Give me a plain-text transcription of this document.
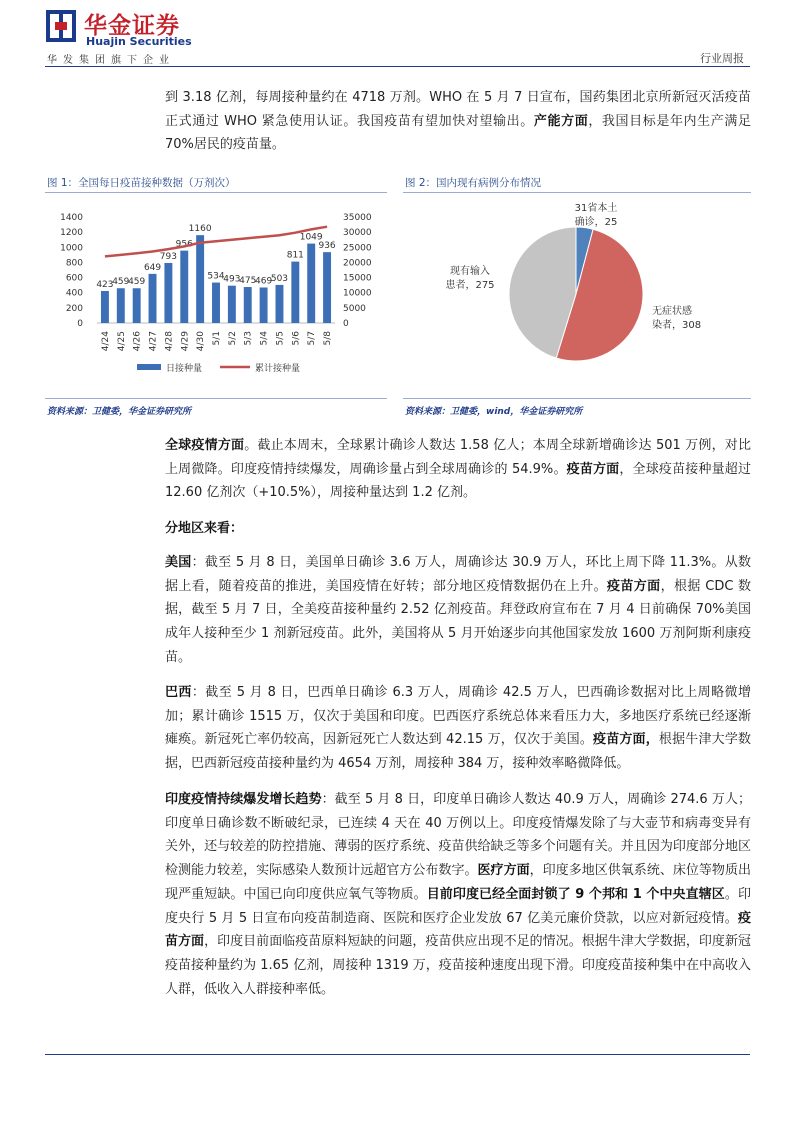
华金证券
Huajin Securities
华发集团旗下企业	行业周报
到 3.18 亿剂，每周接种量约在 4718 万剂。WHO 在 5 月 7 日宣布，国药集团北京所新冠灭活疫苗正式通过 WHO 紧急使用认证。我国疫苗有望加快对望输出。产能方面，我国目标是年内生产满足 70%居民的疫苗量。
图 1：全国每日疫苗接种数据（万剂次）
1400
1200
1000
800
600
400
200
0
35000
30000
25000
20000
15000
10000
5000
0
423
459
459
649
793
956
1160
534
493
475
469
503
811
1049
936
4/24 4/25 4/26 4/27 4/28 4/29 4/30 5/1 5/2 5/3 5/4 5/5 5/6 5/7 5/8
日接种量	累计接种量
资料来源：卫健委，华金证券研究所
图 2：国内现有病例分布情况
31省本土
确诊，25
无症状感
染者，308
现有输入
患者，275
资料来源：卫健委，wind，华金证券研究所
全球疫情方面。截止本周末，全球累计确诊人数达 1.58 亿人；本周全球新增确诊达 501 万例，对比上周微降。印度疫情持续爆发，周确诊量占到全球周确诊的 54.9%。疫苗方面，全球疫苗接种量超过 12.60 亿剂次（+10.5%），周接种量达到 1.2 亿剂。
分地区来看：
美国：截至 5 月 8 日，美国单日确诊 3.6 万人，周确诊达 30.9 万人，环比上周下降 11.3%。从数据上看，随着疫苗的推进，美国疫情在好转；部分地区疫情数据仍在上升。疫苗方面，根据 CDC 数据，截至 5 月 7 日，全美疫苗接种量约 2.52 亿剂疫苗。拜登政府宣布在 7 月 4 日前确保 70%美国成年人接种至少 1 剂新冠疫苗。此外，美国将从 5 月开始逐步向其他国家发放 1600 万剂阿斯利康疫苗。
巴西：截至 5 月 8 日，巴西单日确诊 6.3 万人，周确诊 42.5 万人，巴西确诊数据对比上周略微增加；累计确诊 1515 万，仅次于美国和印度。巴西医疗系统总体来看压力大，多地医疗系统已经逐渐瘫痪。新冠死亡率仍较高，因新冠死亡人数达到 42.15 万，仅次于美国。疫苗方面，根据牛津大学数据，巴西新冠疫苗接种量约为 4654 万剂，周接种 384 万，接种效率略微降低。
印度疫情持续爆发增长趋势：截至 5 月 8 日，印度单日确诊人数达 40.9 万人，周确诊 274.6 万人；印度单日确诊数不断破纪录，已连续 4 天在 40 万例以上。印度疫情爆发除了与大壶节和病毒变异有关外，还与较差的防控措施、薄弱的医疗系统、疫苗供给缺乏等多个问题有关。并且因为印度部分地区检测能力较差，实际感染人数预计远超官方公布数字。医疗方面，印度多地区供氧系统、床位等物质出现严重短缺。中国已向印度供应氧气等物质。目前印度已经全面封锁了 9 个邦和 1 个中央直辖区。印度央行 5 月 5 日宣布向疫苗制造商、医院和医疗企业发放 67 亿美元廉价贷款，以应对新冠疫情。疫苗方面，印度目前面临疫苗原料短缺的问题，疫苗供应出现不足的情况。根据牛津大学数据，印度新冠疫苗接种量约为 1.65 亿剂，周接种 1319 万，疫苗接种速度出现下滑。印度疫苗接种集中在中高收入人群，低收入人群接种率低。
